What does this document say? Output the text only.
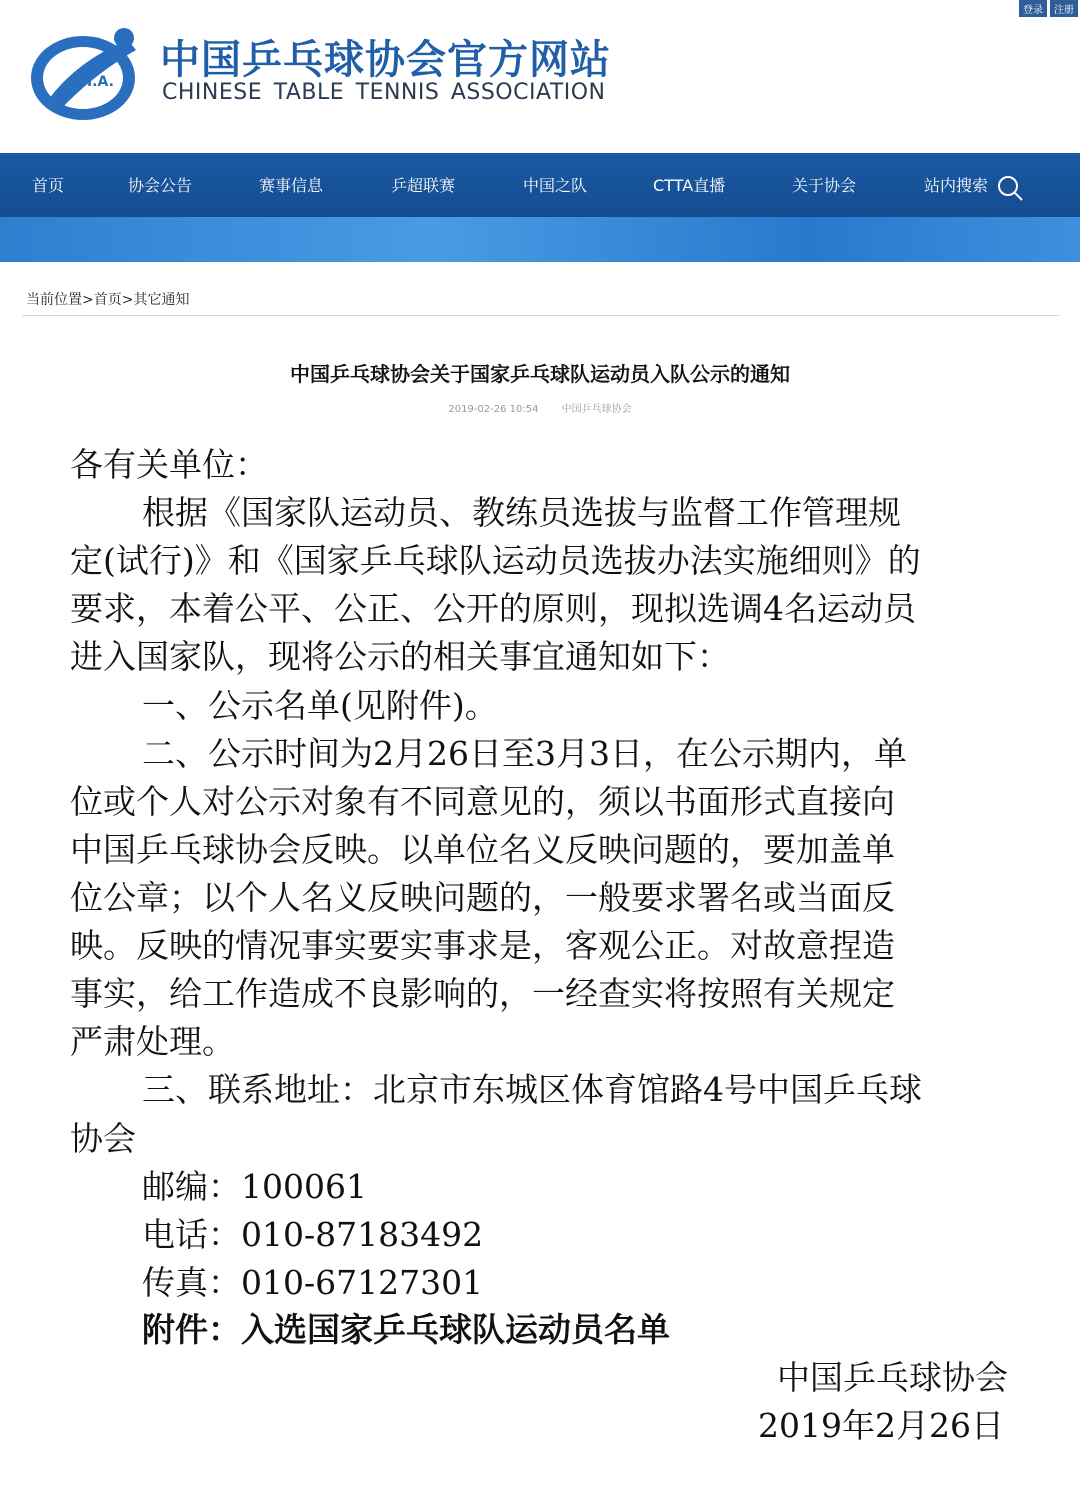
登录	注册
T.T.A. 中国乒乓球协会官方网站
CHINESE TABLE TENNIS ASSOCIATION
首页	协会公告	赛事信息	乒超联赛	中国之队	CTTA直播	关于协会	站内搜索
当前位置>首页>其它通知
中国乒乓球协会关于国家乒乓球队运动员入队公示的通知
2019-02-26 10:54 中国乒乓球协会
各有关单位：
根据《国家队运动员、教练员选拔与监督工作管理规
定(试行)》和《国家乒乓球队运动员选拔办法实施细则》的
要求，本着公平、公正、公开的原则，现拟选调4名运动员
进入国家队，现将公示的相关事宜通知如下：
一、公示名单(见附件)。
二、公示时间为2月26日至3月3日，在公示期内，单
位或个人对公示对象有不同意见的，须以书面形式直接向
中国乒乓球协会反映。以单位名义反映问题的，要加盖单
位公章；以个人名义反映问题的，一般要求署名或当面反
映。反映的情况事实要实事求是，客观公正。对故意捏造
事实，给工作造成不良影响的，一经查实将按照有关规定
严肃处理。
三、联系地址：北京市东城区体育馆路4号中国乒乓球
协会
邮编：100061
电话：010-87183492
传真：010-67127301
附件：入选国家乒乓球队运动员名单
中国乒乓球协会
2019年2月26日
